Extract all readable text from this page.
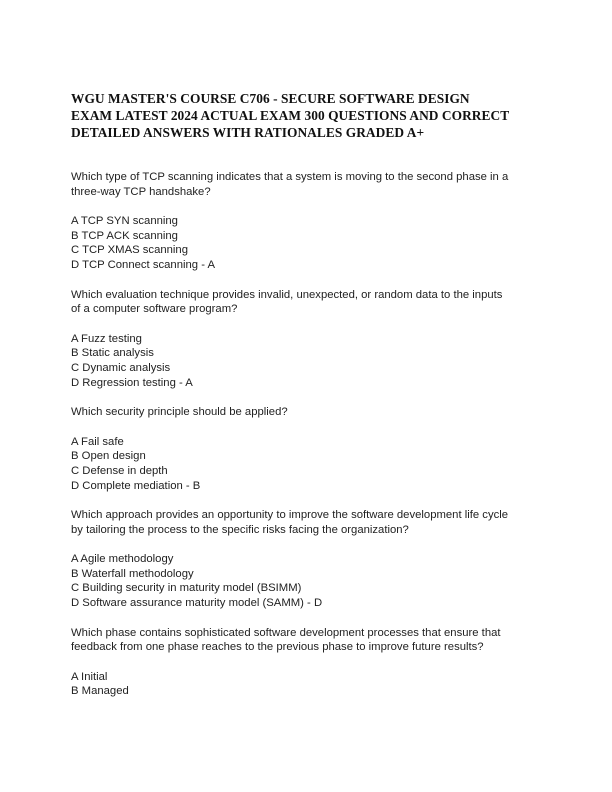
WGU MASTER'S COURSE C706 - SECURE SOFTWARE DESIGN
EXAM LATEST 2024 ACTUAL EXAM 300 QUESTIONS AND CORRECT
DETAILED ANSWERS WITH RATIONALES GRADED A+
Which type of TCP scanning indicates that a system is moving to the second phase in a
three-way TCP handshake?
A TCP SYN scanning
B TCP ACK scanning
C TCP XMAS scanning
D TCP Connect scanning - A
Which evaluation technique provides invalid, unexpected, or random data to the inputs
of a computer software program?
A Fuzz testing
B Static analysis
C Dynamic analysis
D Regression testing - A
Which security principle should be applied?
A Fail safe
B Open design
C Defense in depth
D Complete mediation - B
Which approach provides an opportunity to improve the software development life cycle
by tailoring the process to the specific risks facing the organization?
A Agile methodology
B Waterfall methodology
C Building security in maturity model (BSIMM)
D Software assurance maturity model (SAMM) - D
Which phase contains sophisticated software development processes that ensure that
feedback from one phase reaches to the previous phase to improve future results?
A Initial
B Managed
